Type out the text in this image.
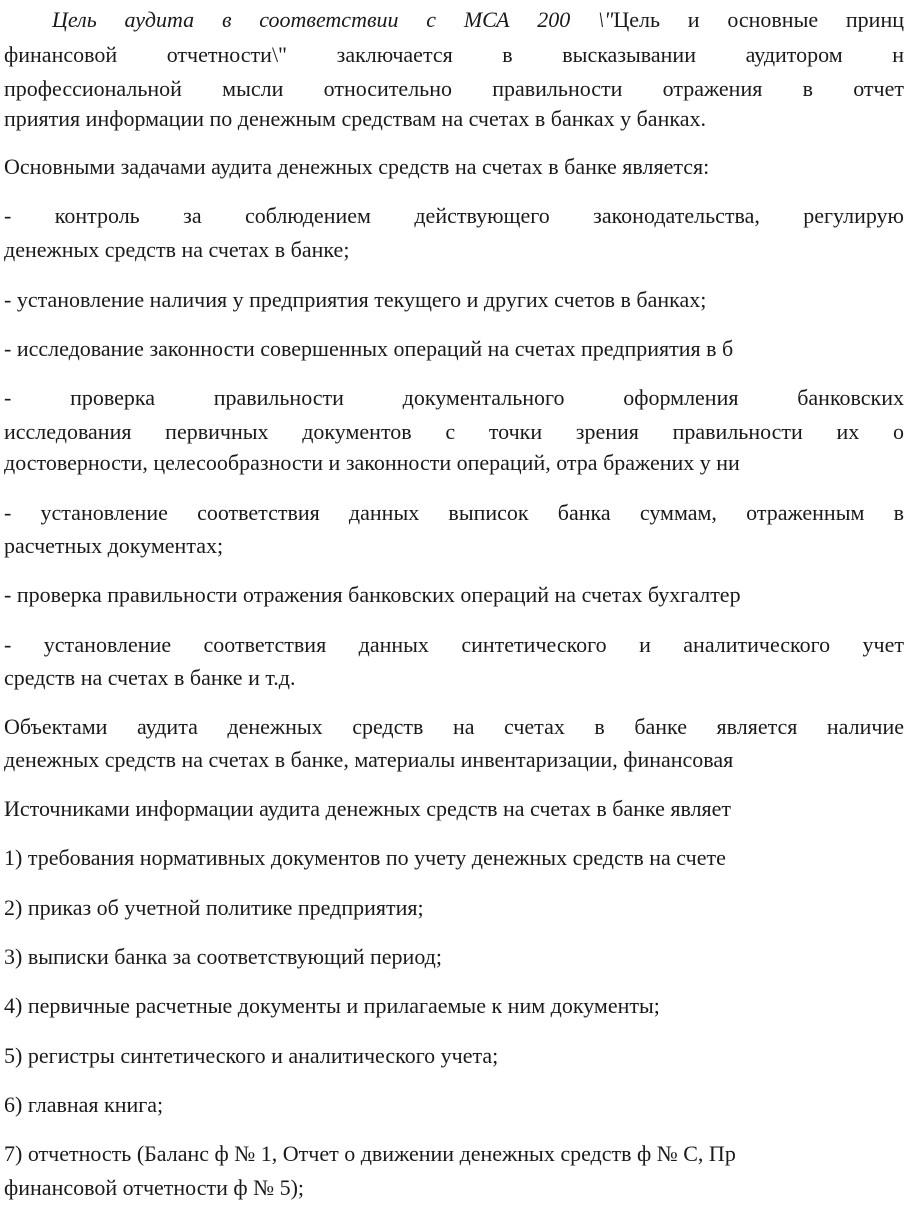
Цель аудита в соответствии с МСА 200 \"Цель и основные принц
финансовой отчетности\" заключается в высказывании аудитором н
профессиональной мысли относительно правильности отражения в отчет
приятия информации по денежным средствам на счетах в банках у банках.
Основными задачами аудита денежных средств на счетах в банке является:
- контроль за соблюдением действующего законодательства, регулирую
денежных средств на счетах в банке;
- установление наличия у предприятия текущего и других счетов в банках;
- исследование законности совершенных операций на счетах предприятия в б
- проверка правильности документального оформления банковских
исследования первичных документов с точки зрения правильности их о
достоверности, целесообразности и законности операций, отра бражених у ни
- установление соответствия данных выписок банка суммам, отраженным в
расчетных документах;
- проверка правильности отражения банковских операций на счетах бухгалтер
- установление соответствия данных синтетического и аналитического учет
средств на счетах в банке и т.д.
Объектами аудита денежных средств на счетах в банке является наличие
денежных средств на счетах в банке, материалы инвентаризации, финансовая
Источниками информации аудита денежных средств на счетах в банке являет
1) требования нормативных документов по учету денежных средств на счете
2) приказ об учетной политике предприятия;
3) выписки банка за соответствующий период;
4) первичные расчетные документы и прилагаемые к ним документы;
5) регистры синтетического и аналитического учета;
6) главная книга;
7) отчетность (Баланс ф № 1, Отчет о движении денежных средств ф № С, Пр
финансовой отчетности ф № 5);
